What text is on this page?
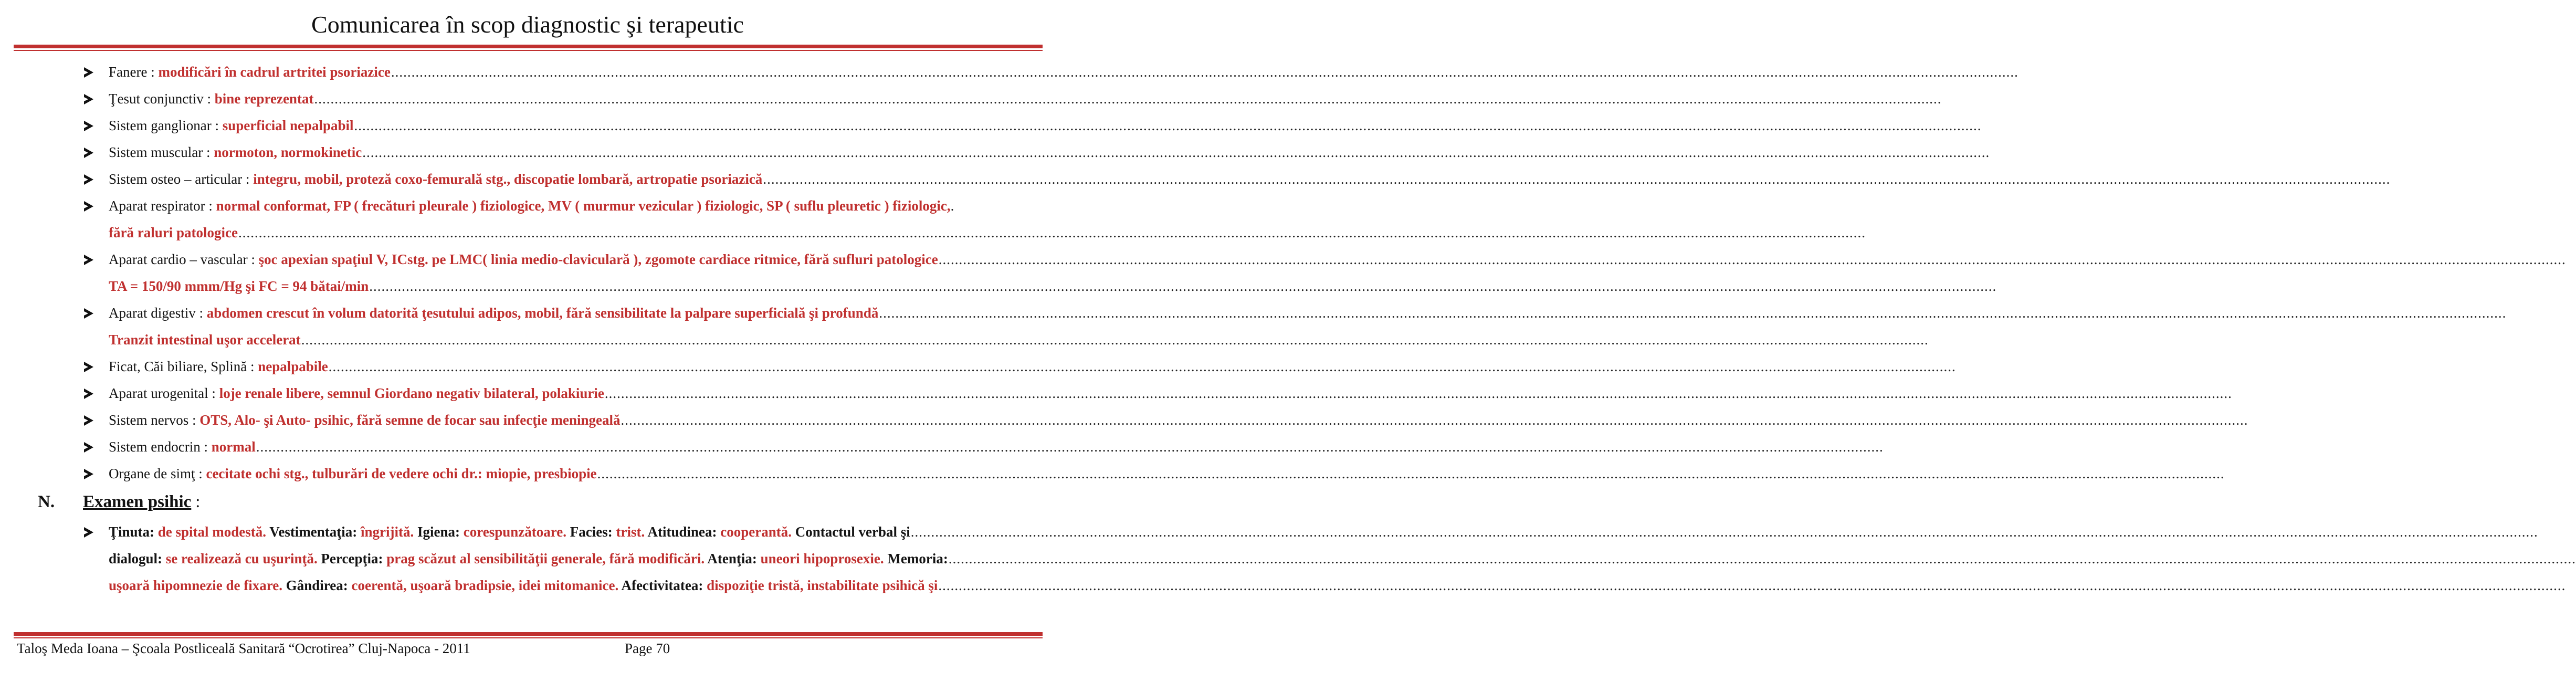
Comunicarea în scop diagnostic şi terapeutic
Fanere : modificări în cadrul artritei psoriazice ................................................................................................................................................................................................................................................................................................................................................................................................................
Ţesut conjunctiv : bine reprezentat ................................................................................................................................................................................................................................................................................................................................................................................................................
Sistem ganglionar : superficial nepalpabil ................................................................................................................................................................................................................................................................................................................................................................................................................
Sistem muscular : normoton, normokinetic ................................................................................................................................................................................................................................................................................................................................................................................................................
Sistem osteo – articular : integru, mobil, proteză coxo-femurală stg., discopatie lombară, artropatie psoriazică ................................................................................................................................................................................................................................................................................................................................................................................................................
Aparat respirator : normal conformat, FP ( frecături pleurale ) fiziologice, MV ( murmur vezicular ) fiziologic, SP ( suflu pleuretic ) fiziologic,.
fără raluri patologice ................................................................................................................................................................................................................................................................................................................................................................................................................
Aparat cardio – vascular : şoc apexian spaţiul V, ICstg. pe LMC( linia medio-claviculară ), zgomote cardiace ritmice, fără sufluri patologice ................................................................................................................................................................................................................................................................................................................................................................................................................
TA = 150/90 mmm/Hg şi FC = 94 bătai/min ................................................................................................................................................................................................................................................................................................................................................................................................................
Aparat digestiv : abdomen crescut în volum datorită ţesutului adipos, mobil, fără sensibilitate la palpare superficială şi profundă ................................................................................................................................................................................................................................................................................................................................................................................................................
Tranzit intestinal uşor accelerat ................................................................................................................................................................................................................................................................................................................................................................................................................
Ficat, Căi biliare, Splină : nepalpabile ................................................................................................................................................................................................................................................................................................................................................................................................................
Aparat urogenital : loje renale libere, semnul Giordano negativ bilateral, polakiurie ................................................................................................................................................................................................................................................................................................................................................................................................................
Sistem nervos : OTS, Alo- şi Auto- psihic, fără semne de focar sau infecţie meningeală ................................................................................................................................................................................................................................................................................................................................................................................................................
Sistem endocrin : normal ................................................................................................................................................................................................................................................................................................................................................................................................................
Organe de simţ : cecitate ochi stg., tulburări de vedere ochi dr.: miopie, presbiopie ................................................................................................................................................................................................................................................................................................................................................................................................................
N. Examen psihic :
Ţinuta: de spital modestă. Vestimentaţia: îngrijită. Igiena: corespunzătoare. Facies: trist. Atitudinea: cooperantă. Contactul verbal şi ................................................................................................................................................................................................................................................................................................................................................................................................................
dialogul: se realizează cu uşurinţă. Percepţia: prag scăzut al sensibilităţii generale, fără modificări. Atenţia: uneori hipoprosexie. Memoria: ................................................................................................................................................................................................................................................................................................................................................................................................................
uşoară hipomnezie de fixare. Gândirea: coerentă, uşoară bradipsie, idei mitomanice. Afectivitatea: dispoziţie tristă, instabilitate psihică şi ................................................................................................................................................................................................................................................................................................................................................................................................................
Taloş Meda Ioana – Şcoala Postliceală Sanitară “Ocrotirea” Cluj-Napoca - 2011	Page 70
